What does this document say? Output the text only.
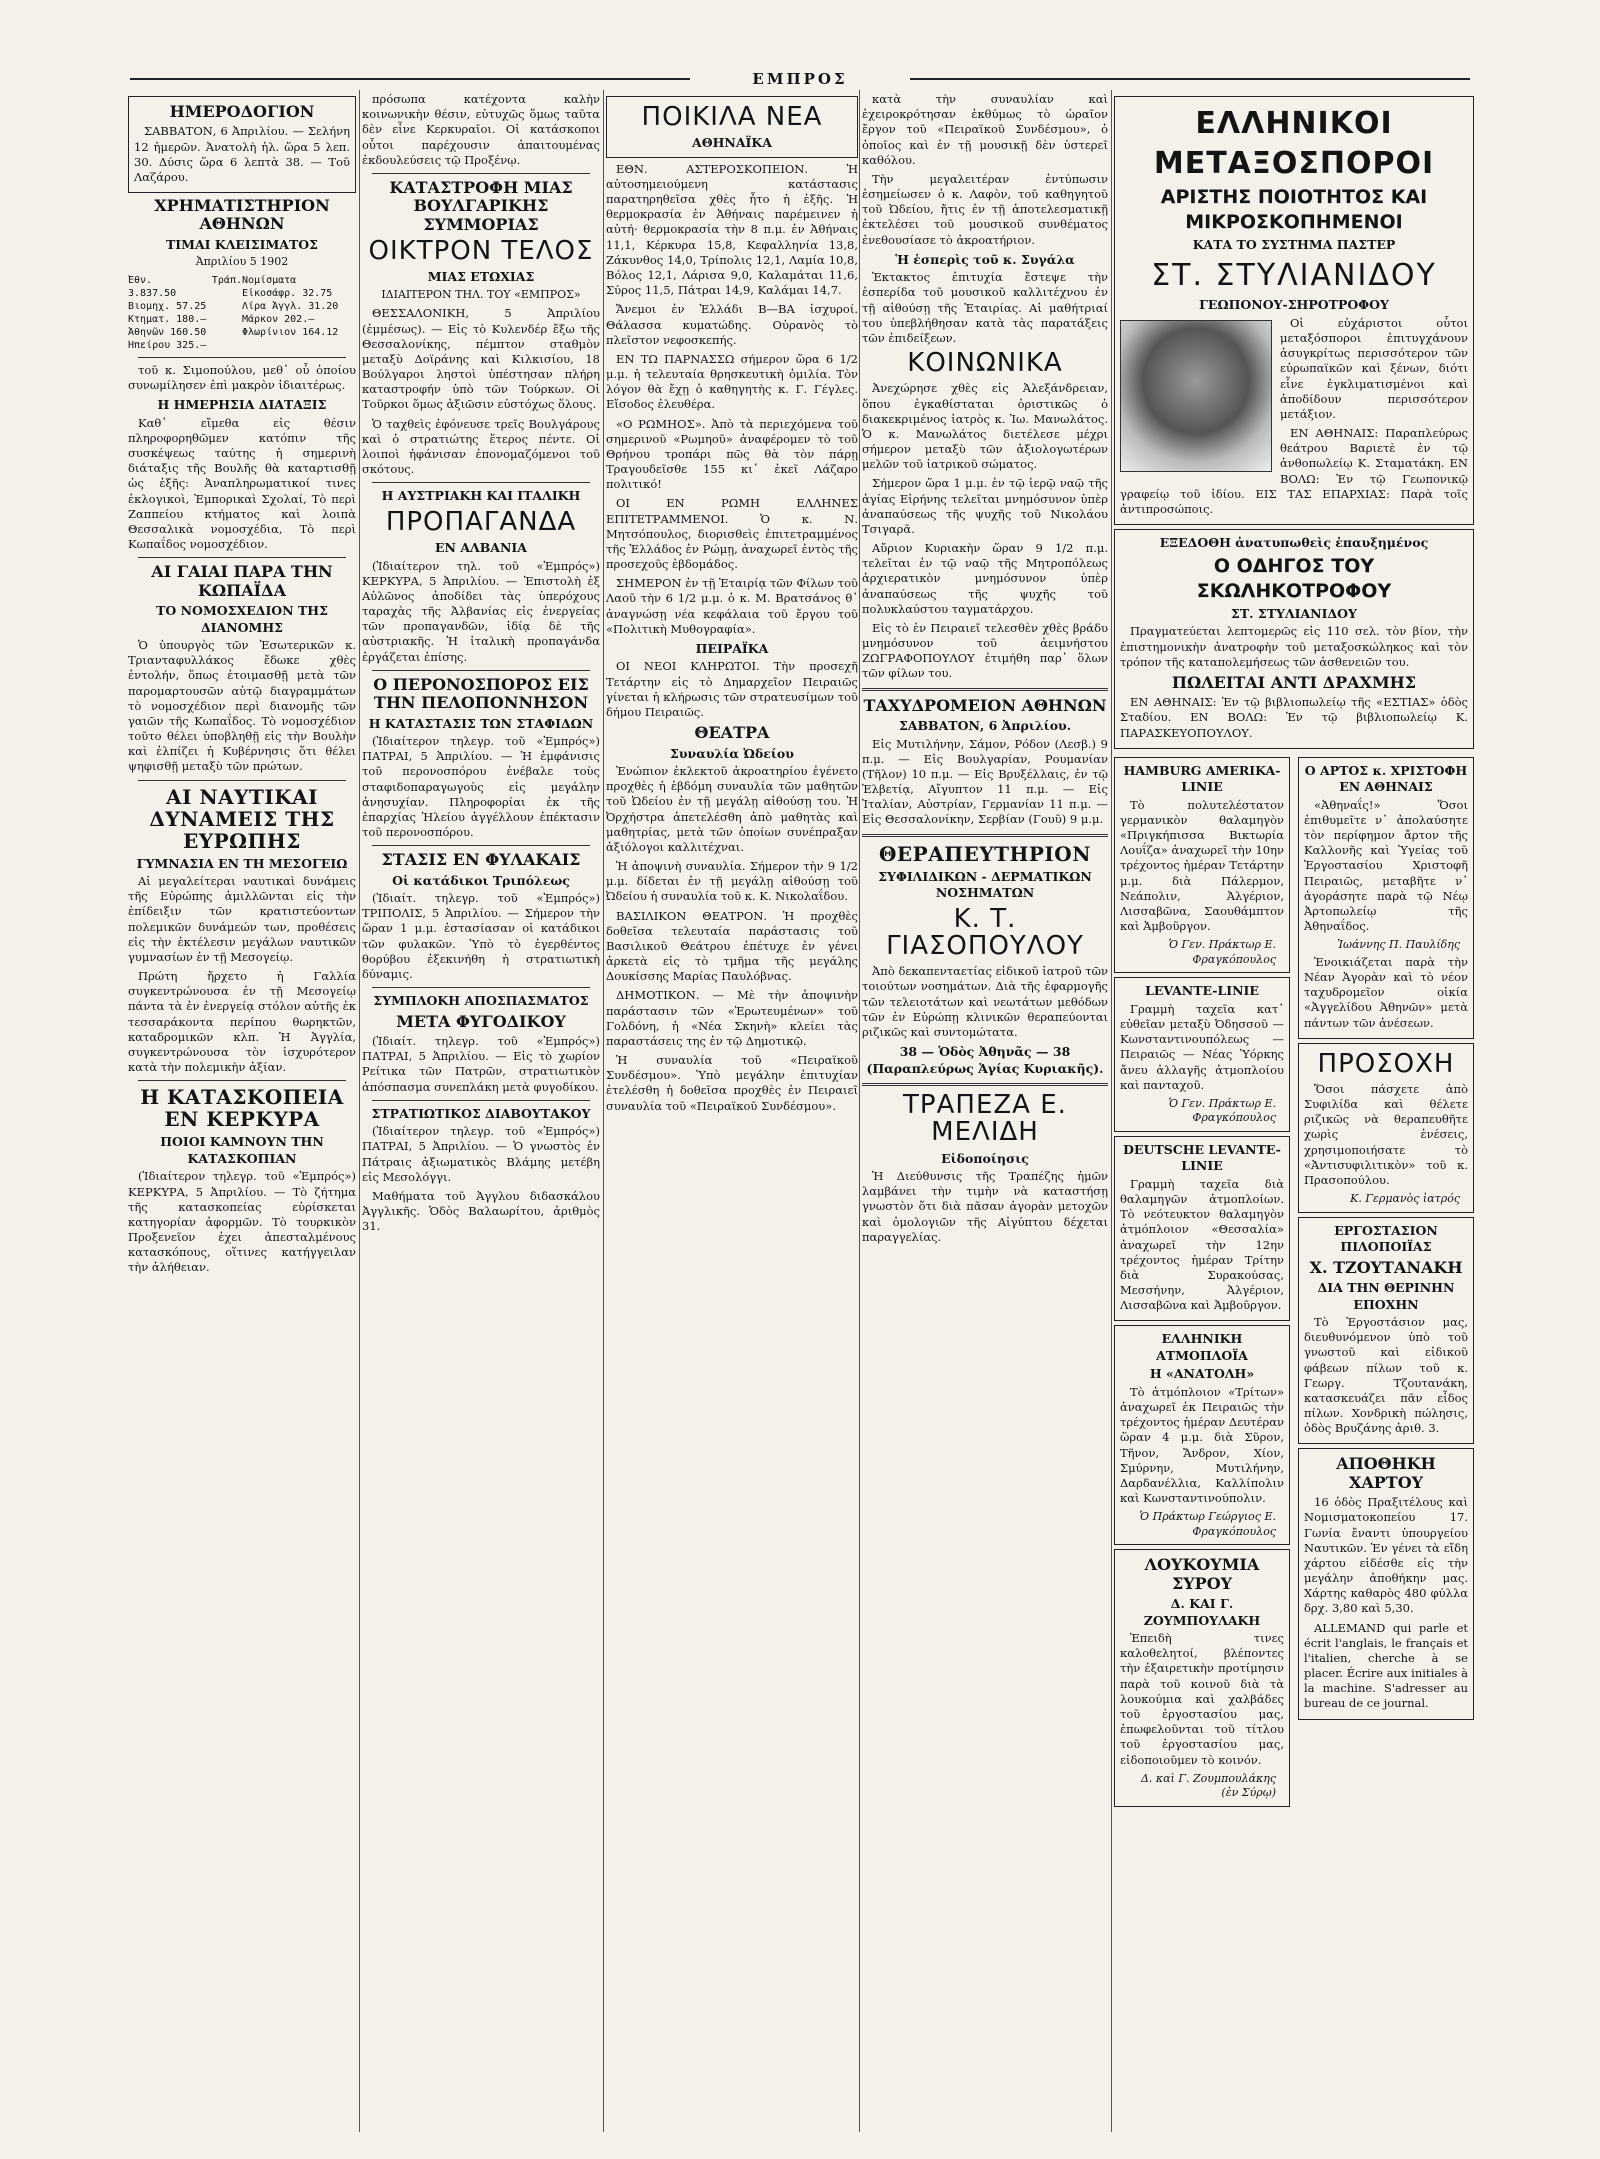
ΕΜΠΡΟΣ
ΗΜΕΡΟΔΟΓΙΟΝ

ΣΑΒΒΑΤΟΝ, 6 Ἀπριλίου. — Σελήνη 12 ἡμερῶν. Ἀνατολὴ ἡλ. ὥρα 5 λεπ. 30. Δύσις ὥρα 6 λεπτὰ 38. — Τοῦ Λαζάρου.

ΧΡΗΜΑΤΙΣΤΗΡΙΟΝ ΑΘΗΝΩΝ
ΤΙΜΑΙ ΚΛΕΙΣΙΜΑΤΟΣ
Ἀπριλίου 5 1902
Ἐθν. Τράπ. 3.837.50
Βιομηχ. 57.25
Κτηματ. 180.—
Ἀθηνῶν 160.50
Ἠπείρου 325.—
Νομίσματα
Εἰκοσάφρ. 32.75
Λίρα Ἀγγλ. 31.20
Μάρκον 202.—
Φλωρίνιον 164.12

τοῦ κ. Σιμοπούλου, μεθ᾽ οὗ ὁποίου συνωμίλησεν ἐπὶ μακρὸν ἰδιαιτέρως.

Η ΗΜΕΡΗΣΙΑ ΔΙΑΤΑΞΙΣ

Καθ᾽ εἴμεθα εἰς θέσιν πληροφορηθῶμεν κατόπιν τῆς συσκέψεως ταύτης ἡ σημερινὴ διάταξις τῆς Βουλῆς θὰ καταρτισθῇ ὡς ἑξῆς: Ἀναπληρωματικοί τινες ἐκλογικοὶ, Ἐμπορικαὶ Σχολαί, Τὸ περὶ Ζαππείου κτήματος καὶ λοιπὰ Θεσσαλικὰ νομοσχέδια, Τὸ περὶ Κωπαΐδος νομοσχέδιον.

ΑΙ ΓΑΙΑΙ ΠΑΡΑ ΤΗΝ ΚΩΠΑΪΔΑ
ΤΟ ΝΟΜΟΣΧΕΔΙΟΝ ΤΗΣ ΔΙΑΝΟΜΗΣ

Ὁ ὑπουργὸς τῶν Ἐσωτερικῶν κ. Τριανταφυλλάκος ἔδωκε χθὲς ἐντολήν, ὅπως ἑτοιμασθῇ μετὰ τῶν παρομαρτουσῶν αὐτῷ διαγραμμάτων τὸ νομοσχέδιον περὶ διανομῆς τῶν γαιῶν τῆς Κωπαΐδος. Τὸ νομοσχέδιον τοῦτο θέλει ὑποβληθῇ εἰς τὴν Βουλὴν καὶ ἐλπίζει ἡ Κυβέρνησις ὅτι θέλει ψηφισθῇ μεταξὺ τῶν πρώτων.

ΑΙ ΝΑΥΤΙΚΑΙ ΔΥΝΑΜΕΙΣ ΤΗΣ ΕΥΡΩΠΗΣ
ΓΥΜΝΑΣΙΑ ΕΝ ΤΗ ΜΕΣΟΓΕΙΩ

Αἱ μεγαλείτεραι ναυτικαὶ δυνάμεις τῆς Εὐρώπης ἁμιλλῶνται εἰς τὴν ἐπίδειξιν τῶν κρατιστεύοντων πολεμικῶν δυνάμεών των, προθέσεις εἰς τὴν ἐκτέλεσιν μεγάλων ναυτικῶν γυμνασίων ἐν τῇ Μεσογείῳ.

Πρώτη ἤρχετο ἡ Γαλλία συγκεντρώνουσα ἐν τῇ Μεσογείῳ πάντα τὰ ἐν ἐνεργείᾳ στόλον αὐτῆς ἐκ τεσσαράκοντα περίπου θωρηκτῶν, καταδρομικῶν κλπ. Ἡ Ἀγγλία, συγκεντρώνουσα τὸν ἰσχυρότερον κατὰ τὴν πολεμικὴν ἀξίαν.

Η ΚΑΤΑΣΚΟΠΕΙΑ ΕΝ ΚΕΡΚΥΡΑ
ΠΟΙΟΙ ΚΑΜΝΟΥΝ ΤΗΝ ΚΑΤΑΣΚΟΠΙΑΝ

(Ἰδιαίτερον τηλεγρ. τοῦ «Ἐμπρός») ΚΕΡΚΥΡΑ, 5 Ἀπριλίου. — Τὸ ζήτημα τῆς κατασκοπείας εὑρίσκεται κατηγορίαν ἀφορμῶν. Τὸ τουρκικὸν Προξενεῖον ἐχει ἀπεσταλμένους κατασκόπους, οἵτινες κατήγγειλαν τὴν ἀλήθειαν.

πρόσωπα κατέχοντα καλὴν κοινωνικὴν θέσιν, εὐτυχῶς ὅμως ταῦτα δὲν εἶνε Κερκυραῖοι. Οἱ κατάσκοποι οὗτοι παρέχουσιν ἀπαιτουμένας ἐκδουλεύσεις τῷ Προξένῳ.

ΚΑΤΑΣΤΡΟΦΗ ΜΙΑΣ ΒΟΥΛΓΑΡΙΚΗΣ ΣΥΜΜΟΡΙΑΣ
ΟΙΚΤΡΟΝ ΤΕΛΟΣ
ΜΙΑΣ ΕΤΩΧΙΑΣ
ΙΔΙΑΙΤΕΡΟΝ ΤΗΛ. ΤΟΥ «ΕΜΠΡΟΣ»

ΘΕΣΣΑΛΟΝΙΚΗ, 5 Ἀπριλίου (ἐμμέσως). — Εἰς τὸ Κυλενδέρ ἔξω τῆς Θεσσαλονίκης, πέμπτον σταθμὸν μεταξὺ Δοϊράνης καὶ Κιλκισίου, 18 Βούλγαροι ληστοὶ ὑπέστησαν πλήρη καταστροφήν ὑπὸ τῶν Τούρκων. Οἱ Τοῦρκοι ὅμως ἀξιῶσιν εὐστόχως ὅλους.

Ὁ ταχθεὶς ἐφόνευσε τρεῖς Βουλγάρους καὶ ὁ στρατιώτης ἕτερος πέντε. Οἱ λοιποὶ ἠφάνισαν ἐπονομαζόμενοι τοῦ σκότους.

Η ΑΥΣΤΡΙΑΚΗ ΚΑΙ ΙΤΑΛΙΚΗ
ΠΡΟΠΑΓΑΝΔΑ
ΕΝ ΑΛΒΑΝΙΑ

(Ἰδιαίτερον τηλ. τοῦ «Ἐμπρός») ΚΕΡΚΥΡΑ, 5 Ἀπριλίου. — Ἐπιστολὴ ἐξ Αὐλῶνος ἀποδίδει τὰς ὑπερόχους ταραχὰς τῆς Ἀλβανίας εἰς ἐνεργείας τῶν προπαγανδῶν, ἰδίᾳ δὲ τῆς αὐστριακῆς. Ἡ ἰταλικὴ προπαγάνδα ἐργάζεται ἐπίσης.

Ο ΠΕΡΟΝΟΣΠΟΡΟΣ ΕΙΣ ΤΗΝ ΠΕΛΟΠΟΝΝΗΣΟΝ
Η ΚΑΤΑΣΤΑΣΙΣ ΤΩΝ ΣΤΑΦΙΔΩΝ

(Ἰδιαίτερον τηλεγρ. τοῦ «Ἐμπρός») ΠΑΤΡΑΙ, 5 Ἀπριλίου. — Ἡ ἐμφάνισις τοῦ περονοσπόρου ἐνέβαλε τοὺς σταφιδοπαραγωγοὺς εἰς μεγάλην ἀνησυχίαν. Πληροφορίαι ἐκ τῆς ἐπαρχίας Ἠλείου ἀγγέλλουν ἐπέκτασιν τοῦ περονοσπόρου.

ΣΤΑΣΙΣ ΕΝ ΦΥΛΑΚΑΙΣ
Οἱ κατάδικοι Τριπόλεως

(Ἰδιαίτ. τηλεγρ. τοῦ «Ἐμπρός») ΤΡΙΠΟΛΙΣ, 5 Ἀπριλίου. — Σήμερον τὴν ὥραν 1 μ.μ. ἐστασίασαν οἱ κατάδικοι τῶν φυλακῶν. Ὑπὸ τὸ ἐγερθέντος θορύβου ἐξεκινήθη ἡ στρατιωτικὴ δύναμις.

ΣΥΜΠΛΟΚΗ ΑΠΟΣΠΑΣΜΑΤΟΣ
ΜΕΤΑ ΦΥΓΟΔΙΚΟΥ

(Ἰδιαίτ. τηλεγρ. τοῦ «Ἐμπρός») ΠΑΤΡΑΙ, 5 Ἀπριλίου. — Εἰς τὸ χωρίον Ρείτικα τῶν Πατρῶν, στρατιωτικὸν ἀπόσπασμα συνεπλάκη μετὰ φυγοδίκου.

ΣΤΡΑΤΙΩΤΙΚΟΣ ΔΙΑΒΟΥΤΑΚΟΥ

(Ἰδιαίτερον τηλεγρ. τοῦ «Ἐμπρός») ΠΑΤΡΑΙ, 5 Ἀπριλίου. — Ὁ γνωστὸς ἐν Πάτραις ἀξιωματικὸς Βλάμης μετέβη εἰς Μεσολόγγι.

Μαθήματα τοῦ Ἀγγλου διδασκάλου Ἀγγλικῆς. Ὁδὸς Βαλαωρίτου, ἀριθμὸς 31.

ΠΟΙΚΙΛΑ ΝΕΑ
ΑΘΗΝΑΪΚΑ

ΕΘΝ. ΑΣΤΕΡΟΣΚΟΠΕΙΟΝ. Ἡ αὐτοσημειούμενη κατάστασις παρατηρηθεῖσα χθὲς ἦτο ἡ ἑξῆς. Ἡ θερμοκρασία ἐν Ἀθήναις παρέμεινεν ἡ αὐτή· θερμοκρασία τὴν 8 π.μ. ἐν Ἀθήναις 11,1, Κέρκυρα 15,8, Κεφαλληνία 13,8, Ζάκυνθος 14,0, Τρίπολις 12,1, Λαμία 10,8, Βόλος 12,1, Λάρισα 9,0, Καλαμάται 11,6, Σύρος 11,5, Πάτραι 14,9, Καλάμαι 14,7.

Ἄνεμοι ἐν Ἑλλάδι Β—ΒΑ ἰσχυροί. Θάλασσα κυματώδης. Οὐρανὸς τὸ πλεῖστον νεφοσκεπής.

ΕΝ ΤΩ ΠΑΡΝΑΣΣΩ σήμερον ὥρα 6 1/2 μ.μ. ἡ τελευταία θρησκευτικὴ ὁμιλία. Τὸν λόγον θὰ ἔχῃ ὁ καθηγητὴς κ. Γ. Γέγλες. Εἴσοδος ἐλευθέρα.

«Ο ΡΩΜΗΟΣ». Ἀπὸ τὰ περιεχόμενα τοῦ σημερινοῦ «Ρωμηοῦ» ἀναφέρομεν τὸ τοῦ Θρήνου τροπάρι πῶς θὰ τὸν πάρῃ Τραγουδεῖσθε 155 κι᾽ ἐκεῖ Λάζαρο πολιτικό!

ΟΙ ΕΝ ΡΩΜΗ ΕΛΛΗΝΕΣ ΕΠΙΤΕΤΡΑΜΜΕΝΟΙ. Ὁ κ. Ν. Μητσόπουλος, διορισθεὶς ἐπιτετραμμένος τῆς Ἑλλάδος ἐν Ρώμῃ, ἀναχωρεῖ ἐντὸς τῆς προσεχοῦς ἑβδομάδος.

ΣΗΜΕΡΟΝ ἐν τῇ Ἑταιρίᾳ τῶν Φίλων τοῦ Λαοῦ τὴν 6 1/2 μ.μ. ὁ κ. Μ. Βρατσάνος θ᾽ ἀναγνώσῃ νέα κεφάλαια τοῦ ἔργου τοῦ «Πολιτικὴ Μυθογραφία».

ΠΕΙΡΑΪΚΑ

ΟΙ ΝΕΟΙ ΚΛΗΡΩΤΟΙ. Τὴν προσεχῆ Τετάρτην εἰς τὸ Δημαρχεῖον Πειραιῶς γίνεται ἡ κλήρωσις τῶν στρατευσίμων τοῦ δήμου Πειραιῶς.

ΘΕΑΤΡΑ
Συναυλία Ὠδείου

Ἐνώπιον ἐκλεκτοῦ ἀκροατηρίου ἐγένετο προχθὲς ἡ ἑβδόμη συναυλία τῶν μαθητῶν τοῦ Ὠδείου ἐν τῇ μεγάλῃ αἰθούσῃ του. Ἡ Ὀρχήστρα ἀπετελέσθη ἀπὸ μαθητὰς καὶ μαθητρίας, μετὰ τῶν ὁποίων συνέπραξαν ἀξιόλογοι καλλιτέχναι.

Ἡ ἀποψινὴ συναυλία. Σήμερον τὴν 9 1/2 μ.μ. δίδεται ἐν τῇ μεγάλῃ αἰθούσῃ τοῦ Ὠδείου ἡ συναυλία τοῦ κ. Κ. Νικολαΐδου.

ΒΑΣΙΛΙΚΟΝ ΘΕΑΤΡΟΝ. Ἡ προχθὲς δοθεῖσα τελευταία παράστασις τοῦ Βασιλικοῦ Θεάτρου ἐπέτυχε ἐν γένει ἀρκετὰ εἰς τὸ τμῆμα τῆς μεγάλης Δουκίσσης Μαρίας Παυλόβνας.

ΔΗΜΟΤΙΚΟΝ. — Μὲ τὴν ἀποψινὴν παράστασιν τῶν «Ἐρωτευμένων» τοῦ Γολδόνη, ἡ «Νέα Σκηνὴ» κλείει τὰς παραστάσεις της ἐν τῷ Δημοτικῷ.

Ἡ συναυλία τοῦ «Πειραϊκοῦ Συνδέσμου». Ὑπὸ μεγάλην ἐπιτυχίαν ἐτελέσθη ἡ δοθεῖσα προχθὲς ἐν Πειραιεῖ συναυλία τοῦ «Πειραϊκοῦ Συνδέσμου».

κατὰ τὴν συναυλίαν καὶ ἐχειροκρότησαν ἐκθύμως τὸ ὡραῖον ἔργον τοῦ «Πειραϊκοῦ Συνδέσμου», ὁ ὁποῖος καὶ ἐν τῇ μουσικῇ δὲν ὑστερεῖ καθόλου.

Τὴν μεγαλειτέραν ἐντύπωσιν ἐσημείωσεν ὁ κ. Λαφὸν, τοῦ καθηγητοῦ τοῦ Ὠδείου, ἤτις ἐν τῇ ἀποτελεσματικῇ ἐκτελέσει τοῦ μουσικοῦ συνθέματος ἐνεθουσίασε τὸ ἀκροατήριον.

Ἡ ἑσπερὶς τοῦ κ. Συγάλα

Ἐκτακτος ἐπιτυχία ἔστεψε τὴν ἑσπερίδα τοῦ μουσικοῦ καλλιτέχνου ἐν τῇ αἰθούσῃ τῆς Ἑταιρίας. Αἱ μαθήτριαί του ὑπεβλήθησαν κατὰ τὰς παρατάξεις τῶν ἐπιδείξεων.

ΚΟΙΝΩΝΙΚΑ

Ἀνεχώρησε χθὲς εἰς Ἀλεξάνδρειαν, ὅπου ἐγκαθίσταται ὁριστικῶς ὁ διακεκριμένος ἰατρὸς κ. Ἰω. Μανωλάτος. Ὁ κ. Μανωλάτος διετέλεσε μέχρι σήμερον μεταξὺ τῶν ἀξιολογωτέρων μελῶν τοῦ ἰατρικοῦ σώματος.

Σήμερον ὥρα 1 μ.μ. ἐν τῷ ἱερῷ ναῷ τῆς ἁγίας Εἰρήνης τελεῖται μνημόσυνον ὑπὲρ ἀναπαύσεως τῆς ψυχῆς τοῦ Νικολάου Τσιγαρᾶ.

Αὔριον Κυριακὴν ὥραν 9 1/2 π.μ. τελεῖται ἐν τῷ ναῷ τῆς Μητροπόλεως ἀρχιερατικὸν μνημόσυνον ὑπὲρ ἀναπαύσεως τῆς ψυχῆς τοῦ πολυκλαύστου ταγματάρχου.

Εἰς τὸ ἐν Πειραιεῖ τελεσθὲν χθὲς βράδυ μνημόσυνον τοῦ ἀειμνήστου ΖΩΓΡΑΦΟΠΟΥΛΟΥ ἐτιμήθη παρ᾽ ὅλων τῶν φίλων του.

ΤΑΧΥΔΡΟΜΕΙΟΝ ΑΘΗΝΩΝ
ΣΑΒΒΑΤΟΝ, 6 Ἀπριλίου.

Εἰς Μυτιλήνην, Σάμον, Ρόδον (Λεσβ.) 9 π.μ. — Εἰς Βουλγαρίαν, Ρουμανίαν (Τῆλον) 10 π.μ. — Εἰς Βρυξέλλαις, ἐν τῷ Ἑλβετίᾳ, Αἴγυπτον 11 π.μ. — Εἰς Ἰταλίαν, Αὐστρίαν, Γερμανίαν 11 π.μ. — Εἰς Θεσσαλονίκην, Σερβίαν (Γουῦ) 9 μ.μ.

ΘΕΡΑΠΕΥΤΗΡΙΟΝ
ΣΥΦΙΛΙΔΙΚΩΝ - ΔΕΡΜΑΤΙΚΩΝ ΝΟΣΗΜΑΤΩΝ
Κ. Τ. ΓΙΑΣΟΠΟΥΛΟΥ

Ἀπὸ δεκαπενταετίας εἰδικοῦ ἰατροῦ τῶν τοιούτων νοσημάτων. Διὰ τῆς ἐφαρμογῆς τῶν τελειοτάτων καὶ νεωτάτων μεθόδων τῶν ἐν Εὐρώπῃ κλινικῶν θεραπεύονται ριζικῶς καὶ συντομώτατα.

38 — Ὁδὸς Ἀθηνᾶς — 38 (Παραπλεύρως Ἁγίας Κυριακῆς).
ΤΡΑΠΕΖΑ Ε. ΜΕΛΙΔΗ
Εἰδοποίησις

Ἡ Διεύθυνσις τῆς Τραπέζης ἡμῶν λαμβάνει τὴν τιμὴν νὰ καταστήσῃ γνωστὸν ὅτι διὰ πᾶσαν ἀγορὰν μετοχῶν καὶ ὁμολογιῶν τῆς Αἰγύπτου δέχεται παραγγελίας.

ΕΛΛΗΝΙΚΟΙ ΜΕΤΑΞΟΣΠΟΡΟΙ
ΑΡΙΣΤΗΣ ΠΟΙΟΤΗΤΟΣ ΚΑΙ ΜΙΚΡΟΣΚΟΠΗΜΕΝΟΙ
ΚΑΤΑ ΤΟ ΣΥΣΤΗΜΑ ΠΑΣΤΕΡ
ΣΤ. ΣΤΥΛΙΑΝΙΔΟΥ
ΓΕΩΠΟΝΟΥ-ΣΗΡΟΤΡΟΦΟΥ

Οἱ εὐχάριστοι οὗτοι μεταξόσποροι ἐπιτυγχάνουν ἀσυγκρίτως περισσότερον τῶν εὐρωπαϊκῶν καὶ ξένων, διότι εἶνε ἐγκλιματισμένοι καὶ ἀποδίδουν περισσότερον μετάξιον.

ΕΝ ΑΘΗΝΑΙΣ: Παραπλεύρως θεάτρου Βαριετὲ ἐν τῷ ἀνθοπωλείῳ Κ. Σταματάκη. ΕΝ ΒΟΛΩ: Ἐν τῷ Γεωπονικῷ γραφείῳ τοῦ ἰδίου. ΕΙΣ ΤΑΣ ΕΠΑΡΧΙΑΣ: Παρὰ τοῖς ἀντιπροσώποις.

ΕΞΕΔΟΘΗ ἀνατυπωθεὶς ἐπαυξημένος
Ο ΟΔΗΓΟΣ ΤΟΥ ΣΚΩΛΗΚΟΤΡΟΦΟΥ
ΣΤ. ΣΤΥΛΙΑΝΙΔΟΥ

Πραγματεύεται λεπτομερῶς εἰς 110 σελ. τὸν βίον, τὴν ἐπιστημονικὴν ἀνατροφὴν τοῦ μεταξοσκώληκος καὶ τὸν τρόπον τῆς καταπολεμήσεως τῶν ἀσθενειῶν του.

ΠΩΛΕΙΤΑΙ ΑΝΤΙ ΔΡΑΧΜΗΣ

ΕΝ ΑΘΗΝΑΙΣ: Ἐν τῷ βιβλιοπωλείῳ τῆς «ΕΣΤΙΑΣ» ὁδὸς Σταδίου. ΕΝ ΒΟΛΩ: Ἐν τῷ βιβλιοπωλείῳ Κ. ΠΑΡΑΣΚΕΥΟΠΟΥΛΟΥ.

HAMBURG AMERIKA-LINIE

Τὸ πολυτελέστατον γερμανικὸν θαλαμηγὸν «Πριγκήπισσα Βικτωρία Λουΐζα» ἀναχωρεῖ τὴν 10ην τρέχοντος ἡμέραν Τετάρτην μ.μ. διὰ Πάλερμον, Νεάπολιν, Ἀλγέριον, Λισσαβῶνα, Σαουθάμπτον καὶ Ἀμβοῦργον.

Ὁ Γεν. Πράκτωρ Ε. Φραγκόπουλος
LEVANTE-LINIE

Γραμμὴ ταχεῖα κατ᾽ εὐθεῖαν μεταξὺ Ὀδησσοῦ — Κωνσταντινουπόλεως — Πειραιῶς — Νέας Ὑόρκης ἄνευ ἀλλαγῆς ἀτμοπλοίου καὶ πανταχοῦ.

Ὁ Γεν. Πράκτωρ Ε. Φραγκόπουλος
DEUTSCHE LEVANTE-LINIE

Γραμμὴ ταχεῖα διὰ θαλαμηγῶν ἀτμοπλοίων. Τὸ νεότευκτον θαλαμηγὸν ἀτμόπλοιον «Θεσσαλία» ἀναχωρεῖ τὴν 12ην τρέχοντος ἡμέραν Τρίτην διὰ Συρακούσας, Μεσσήνην, Ἀλγέριον, Λισσαβῶνα καὶ Ἀμβοῦργον.

ΕΛΛΗΝΙΚΗ ΑΤΜΟΠΛΟΪΑ
Η «ΑΝΑΤΟΛΗ»

Τὸ ἀτμόπλοιον «Τρίτων» ἀναχωρεῖ ἐκ Πειραιῶς τὴν τρέχοντος ἡμέραν Δευτέραν ὥραν 4 μ.μ. διὰ Σῦρον, Τῆνον, Ἄνδρον, Χίον, Σμύρνην, Μυτιλήνην, Δαρδανέλλια, Καλλίπολιν καὶ Κωνσταντινούπολιν.

Ὁ Πράκτωρ Γεώργιος Ε. Φραγκόπουλος
ΛΟΥΚΟΥΜΙΑ ΣΥΡΟΥ
Δ. ΚΑΙ Γ. ΖΟΥΜΠΟΥΛΑΚΗ

Ἐπειδὴ τινες καλοθελητοί, βλέποντες τὴν ἐξαιρετικὴν προτίμησιν παρὰ τοῦ κοινοῦ διὰ τὰ λουκούμια καὶ χαλβάδες τοῦ ἐργοστασίου μας, ἐπωφελοῦνται τοῦ τίτλου τοῦ ἐργοστασίου μας, εἰδοποιοῦμεν τὸ κοινόν.

Δ. καὶ Γ. Ζουμπουλάκης (ἐν Σύρῳ)
Ο ΑΡΤΟΣ κ. ΧΡΙΣΤΟΦΗ ΕΝ ΑΘΗΝΑΙΣ

«Ἀθηναΐς!» Ὅσοι ἐπιθυμεῖτε ν᾽ ἀπολαύσητε τὸν περίφημον ἄρτον τῆς Καλλονῆς καὶ Ὑγείας τοῦ Ἐργοστασίου Χριστοφῆ Πειραιῶς, μεταβῆτε ν᾽ ἀγοράσητε παρὰ τῷ Νέῳ Ἀρτοπωλείῳ τῆς Ἀθηναΐδος.

Ἰωάννης Π. Παυλίδης

Ἐνοικιάζεται παρὰ τὴν Νέαν Ἀγορὰν καὶ τὸ νέον ταχυδρομεῖον οἰκία «Ἀγγελίδου Ἀθηνῶν» μετὰ πάντων τῶν ἀνέσεων.

ΠΡΟΣΟΧΗ

Ὅσοι πάσχετε ἀπὸ Συφιλίδα καὶ θέλετε ριζικῶς νὰ θεραπευθῆτε χωρὶς ἐνέσεις, χρησιμοποιήσατε τὸ «Ἀντισυφιλιτικὸν» τοῦ κ. Πρασοπούλου.

Κ. Γερμανὸς ἰατρός
ΕΡΓΟΣΤΑΣΙΟΝ ΠΙΛΟΠΟΙΪΑΣ
Χ. ΤΖΟΥΤΑΝΑΚΗ
ΔΙΑ ΤΗΝ ΘΕΡΙΝΗΝ ΕΠΟΧΗΝ

Τὸ Ἐργοστάσιον μας, διευθυνόμενον ὑπὸ τοῦ γνωστοῦ καὶ εἰδικοῦ φάβεων πίλων τοῦ κ. Γεωργ. Τζουτανάκη, κατασκευάζει πᾶν εἶδος πίλων. Χονδρικὴ πώλησις, ὁδὸς Βρυζάνης ἀριθ. 3.

ΑΠΟΘΗΚΗ ΧΑΡΤΟΥ

16 ὁδὸς Πραξιτέλους καὶ Νομισματοκοπείου 17. Γωνία ἔναντι ὑπουργείου Ναυτικῶν. Ἐν γένει τὰ εἴδη χάρτου εἰδέσθε εἰς τὴν μεγάλην ἀποθήκην μας. Χάρτης καθαρὸς 480 φύλλα δρχ. 3,80 καὶ 5,30.

ALLEMAND qui parle et écrit l'anglais, le français et l'italien, cherche à se placer. Écrire aux initiales à la machine. S'adresser au bureau de ce journal.
